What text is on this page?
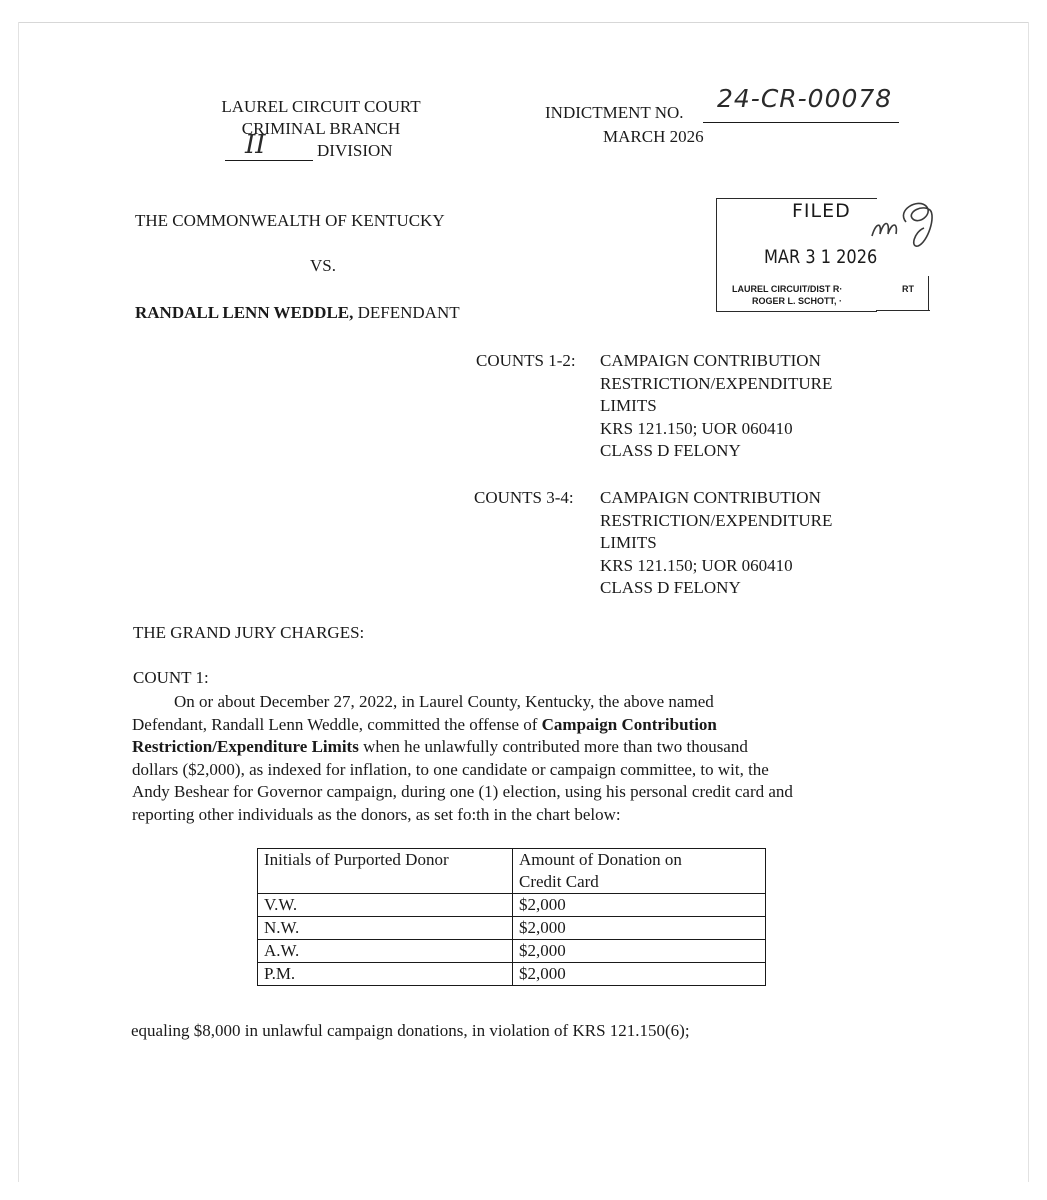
LAUREL CIRCUIT COURT
CRIMINAL BRANCH
II	DIVISION
INDICTMENT NO. 24-CR-00078
MARCH 2026
THE COMMONWEALTH OF KENTUCKY
VS.
RANDALL LENN WEDDLE, DEFENDANT
FILED
MAR 3 1 2026
LAUREL CIRCUIT/DIST R·	RT
ROGER L. SCHOTT, ·
COUNTS 1-2: CAMPAIGN CONTRIBUTION
RESTRICTION/EXPENDITURE
LIMITS
KRS 121.150; UOR 060410
CLASS D FELONY
COUNTS 3-4: CAMPAIGN CONTRIBUTION
RESTRICTION/EXPENDITURE
LIMITS
KRS 121.150; UOR 060410
CLASS D FELONY
THE GRAND JURY CHARGES:
COUNT 1:

On or about December 27, 2022, in Laurel County, Kentucky, the above named

Defendant, Randall Lenn Weddle, committed the offense of Campaign Contribution

Restriction/Expenditure Limits when he unlawfully contributed more than two thousand

dollars ($2,000), as indexed for inflation, to one candidate or campaign committee, to wit, the

Andy Beshear for Governor campaign, during one (1) election, using his personal credit card and

reporting other individuals as the donors, as set fo:th in the chart below:

Initials of Purported Donor	Amount of Donation on
Credit Card

V.W.	$2,000
N.W.	$2,000
A.W.	$2,000
P.M.	$2,000
equaling $8,000 in unlawful campaign donations, in violation of KRS 121.150(6);
